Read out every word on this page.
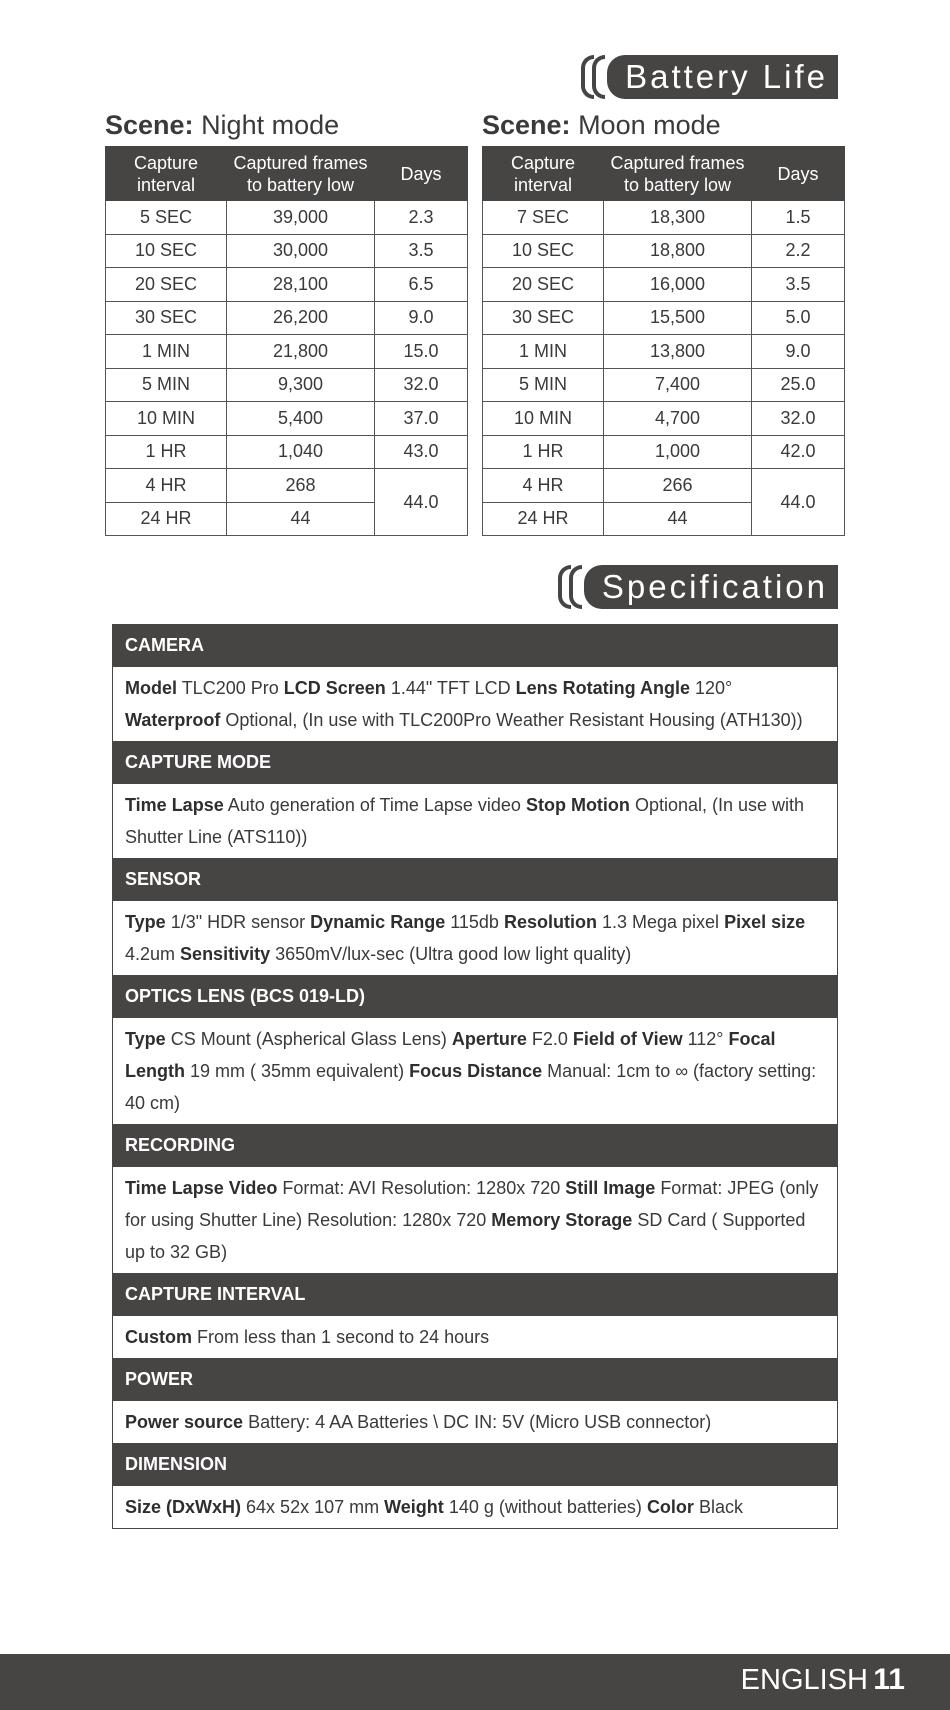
Battery Life
Scene: Night mode	Scene: Moon mode
Capture interval	Captured frames to battery low	Days
5 SEC	39,000	2.3
10 SEC	30,000	3.5
20 SEC	28,100	6.5
30 SEC	26,200	9.0
1 MIN	21,800	15.0
5 MIN	9,300	32.0
10 MIN	5,400	37.0
1 HR	1,040	43.0
4 HR	268	44.0
24 HR	44	
Capture interval	Captured frames to battery low	Days
7 SEC	18,300	1.5
10 SEC	18,800	2.2
20 SEC	16,000	3.5
30 SEC	15,500	5.0
1 MIN	13,800	9.0
5 MIN	7,400	25.0
10 MIN	4,700	32.0
1 HR	1,000	42.0
4 HR	266	44.0
24 HR	44	
Specification
CAMERA
Model TLC200 Pro LCD Screen 1.44" TFT LCD Lens Rotating Angle 120° Waterproof Optional, (In use with TLC200Pro Weather Resistant Housing (ATH130))
CAPTURE MODE
Time Lapse Auto generation of Time Lapse video Stop Motion Optional, (In use with Shutter Line (ATS110))
SENSOR
Type 1/3" HDR sensor Dynamic Range 115db Resolution 1.3 Mega pixel Pixel size 4.2um Sensitivity 3650mV/lux-sec (Ultra good low light quality)
OPTICS LENS (BCS 019-LD)
Type CS Mount (Aspherical Glass Lens) Aperture F2.0 Field of View 112° Focal Length 19 mm ( 35mm equivalent) Focus Distance Manual: 1cm to ∞ (factory setting: 40 cm)
RECORDING
Time Lapse Video Format: AVI Resolution: 1280x 720 Still Image Format: JPEG (only for using Shutter Line) Resolution: 1280x 720 Memory Storage SD Card ( Supported up to 32 GB)
CAPTURE INTERVAL
Custom From less than 1 second to 24 hours
POWER
Power source Battery: 4 AA Batteries \ DC IN: 5V (Micro USB connector)
DIMENSION
Size (DxWxH) 64x 52x 107 mm Weight 140 g (without batteries) Color Black
ENGLISH 11
